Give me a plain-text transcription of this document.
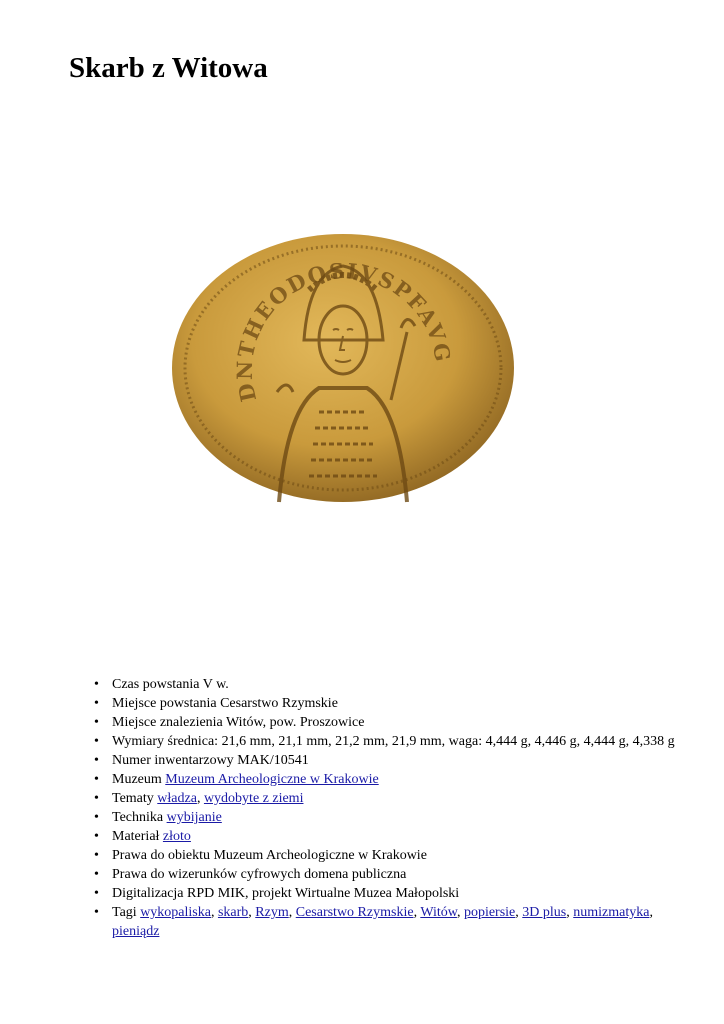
Skarb z Witowa
DNTHEODOSIVSPFAVG
• Czas powstania V w.
• Miejsce powstania Cesarstwo Rzymskie
• Miejsce znalezienia Witów, pow. Proszowice
• Wymiary średnica: 21,6 mm, 21,1 mm, 21,2 mm, 21,9 mm, waga: 4,444 g, 4,446 g, 4,444 g, 4,338 g
• Numer inwentarzowy MAK/10541
• Muzeum Muzeum Archeologiczne w Krakowie
• Tematy władza, wydobyte z ziemi
• Technika wybijanie
• Materiał złoto
• Prawa do obiektu Muzeum Archeologiczne w Krakowie
• Prawa do wizerunków cyfrowych domena publiczna
• Digitalizacja RPD MIK, projekt Wirtualne Muzea Małopolski
• Tagi wykopaliska, skarb, Rzym, Cesarstwo Rzymskie, Witów, popiersie, 3D plus, numizmatyka, pieniądz
